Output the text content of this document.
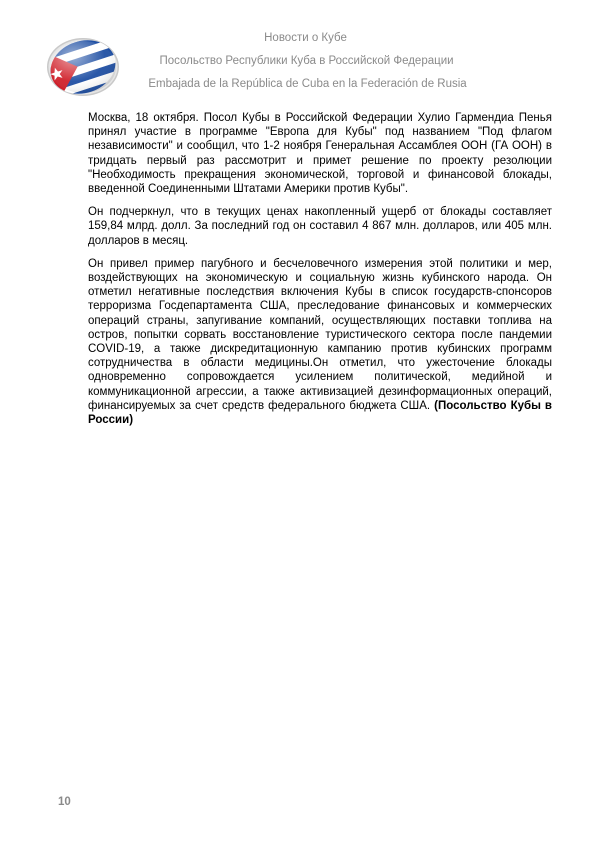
Новости о Кубе
Посольство Республики Куба в Российской Федерации
Embajada de la República de Cuba en la Federación de Rusia

Москва, 18 октября. Посол Кубы в Российской Федерации Хулио Гармендиа Пенья принял участие в программе "Европа для Кубы" под названием "Под флагом независимости" и сообщил, что 1-2 ноября Генеральная Ассамблея ООН (ГА ООН) в тридцать первый раз рассмотрит и примет решение по проекту резолюции "Необходимость прекращения экономической, торговой и финансовой блокады, введенной Соединенными Штатами Америки против Кубы".

Он подчеркнул, что в текущих ценах накопленный ущерб от блокады составляет 159,84 млрд. долл. За последний год он составил 4 867 млн. долларов, или 405 млн. долларов в месяц.

Он привел пример пагубного и бесчеловечного измерения этой политики и мер, воздействующих на экономическую и социальную жизнь кубинского народа. Он отметил негативные последствия включения Кубы в список государств-спонсоров терроризма Госдепартамента США, преследование финансовых и коммерческих операций страны, запугивание компаний, осуществляющих поставки топлива на остров, попытки сорвать восстановление туристического сектора после пандемии COVID-19, а также дискредитационную кампанию против кубинских программ сотрудничества в области медицины.Он отметил, что ужесточение блокады одновременно сопровождается усилением политической, медийной и коммуникационной агрессии, а также активизацией дезинформационных операций, финансируемых за счет средств федерального бюджета США. (Посольство Кубы в России)

10
